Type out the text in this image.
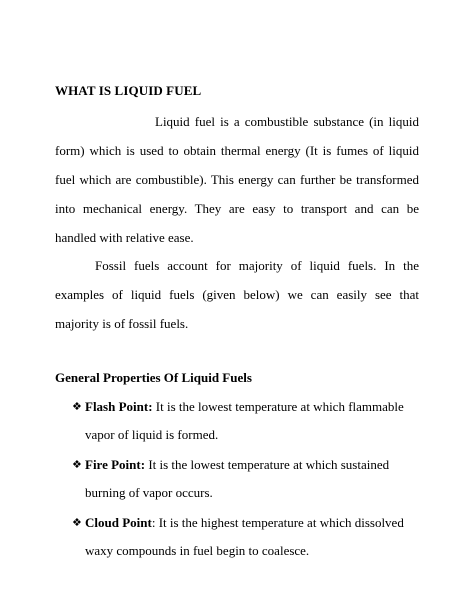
WHAT IS LIQUID FUEL

Liquid fuel is a combustible substance (in liquid form) which is used to obtain thermal energy (It is fumes of liquid fuel which are combustible). This energy can further be transformed into mechanical energy. They are easy to transport and can be handled with relative ease.

Fossil fuels account for majority of liquid fuels. In the examples of liquid fuels (given below) we can easily see that majority is of fossil fuels.

General Properties Of Liquid Fuels
❖ Flash Point: It is the lowest temperature at which flammable vapor of liquid is formed.
❖ Fire Point: It is the lowest temperature at which sustained burning of vapor occurs.
❖ Cloud Point: It is the highest temperature at which dissolved waxy compounds in fuel begin to coalesce.
